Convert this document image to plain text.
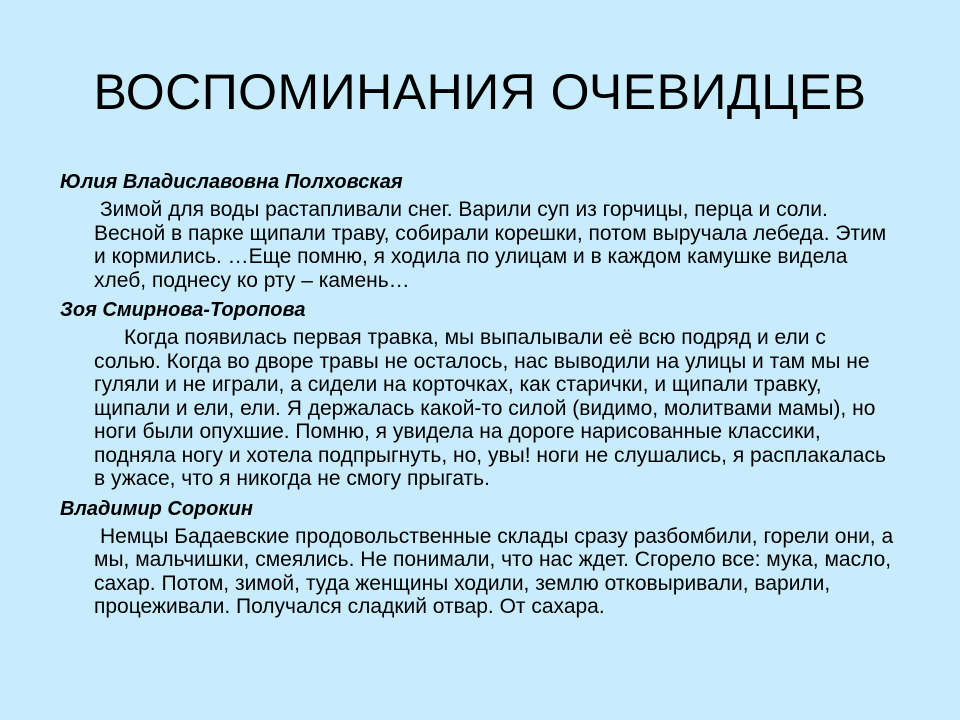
ВОСПОМИНАНИЯ ОЧЕВИДЦЕВ

Юлия Владиславовна Полховская

Зимой для воды растапливали снег. Варили суп из горчицы, перца и соли. Весной в парке щипали траву, собирали корешки, потом выручала лебеда. Этим и кормились. …Еще помню, я ходила по улицам и в каждом камушке видела хлеб, поднесу ко рту – камень…

Зоя Смирнова-Торопова

Когда появилась первая травка, мы выпалывали её всю подряд и ели с солью. Когда во дворе травы не осталось, нас выводили на улицы и там мы не гуляли и не играли, а сидели на корточках, как старички, и щипали травку, щипали и ели, ели. Я держалась какой-то силой (видимо, молитвами мамы), но ноги были опухшие. Помню, я увидела на дороге нарисованные классики, подняла ногу и хотела подпрыгнуть, но, увы! ноги не слушались, я расплакалась в ужасе, что я никогда не смогу прыгать.

Владимир Сорокин

Немцы Бадаевские продовольственные склады сразу разбомбили, горели они, а мы, мальчишки, смеялись. Не понимали, что нас ждет. Сгорело все: мука, масло, сахар. Потом, зимой, туда женщины ходили, землю отковыривали, варили, процеживали. Получался сладкий отвар. От сахара.
